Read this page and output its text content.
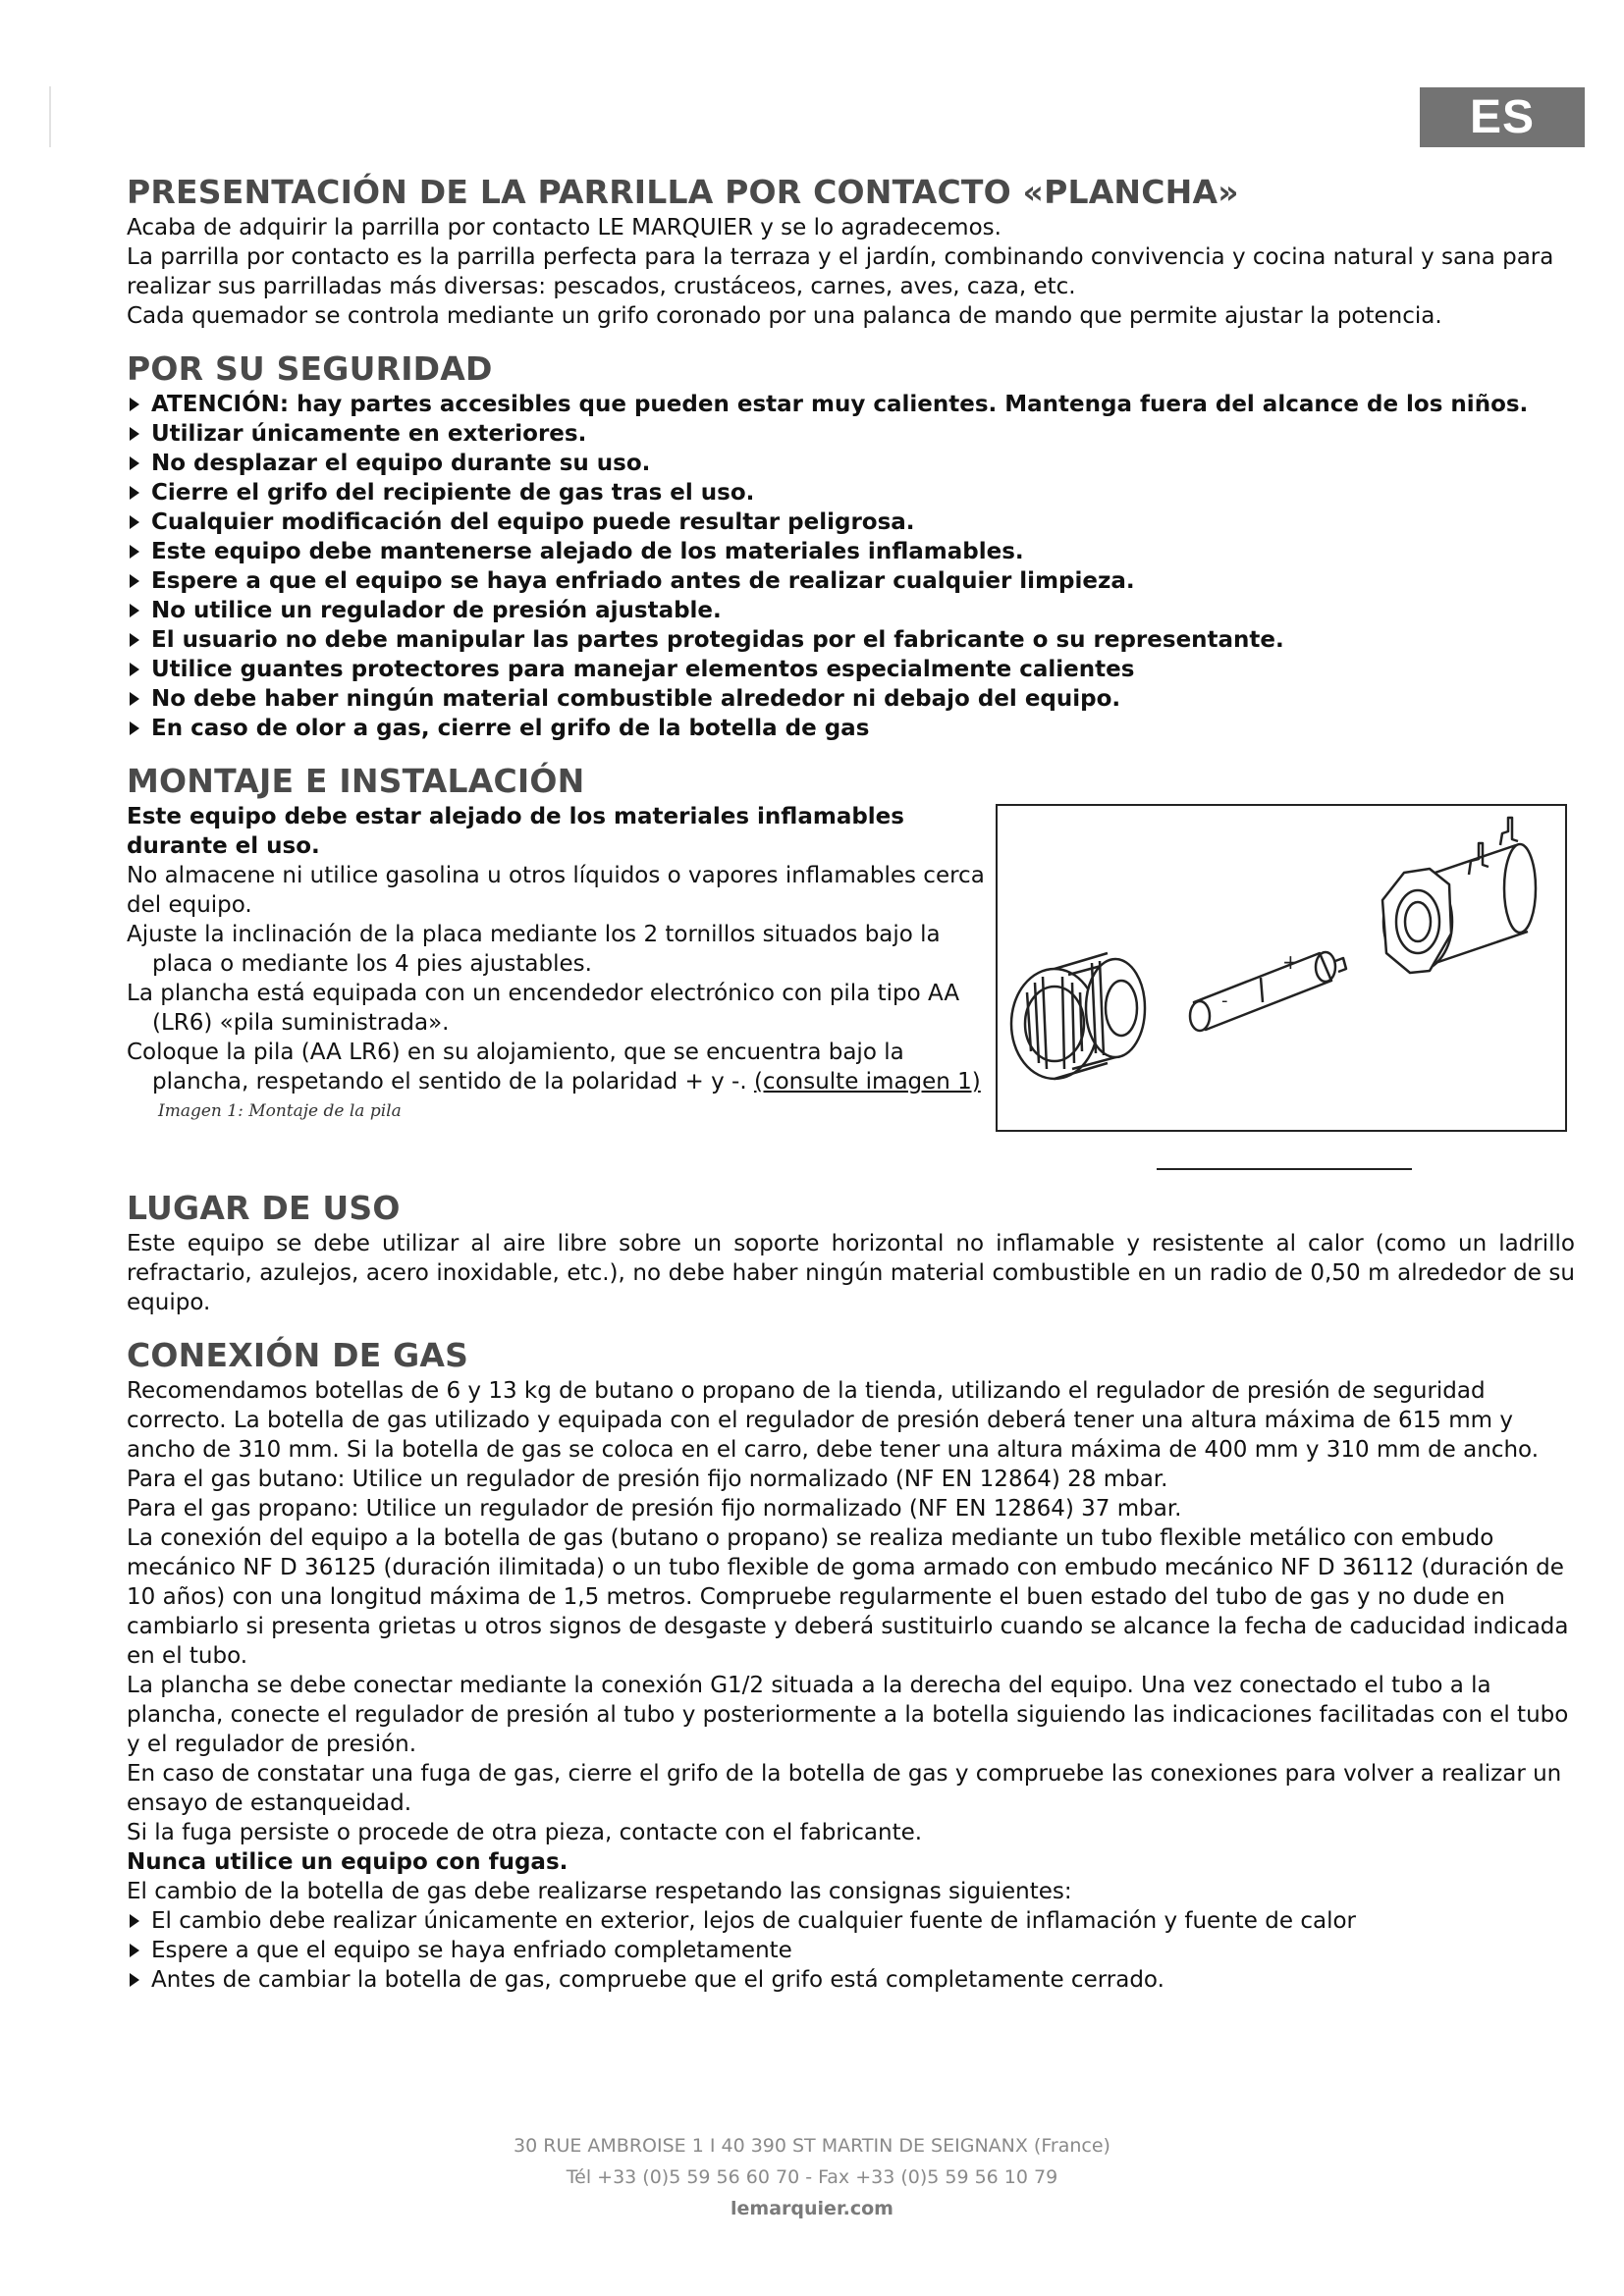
ES
PRESENTACIÓN DE LA PARRILLA POR CONTACTO «PLANCHA»

Acaba de adquirir la parrilla por contacto LE MARQUIER y se lo agradecemos.

La parrilla por contacto es la parrilla perfecta para la terraza y el jardín, combinando convivencia y cocina natural y sana para realizar sus parrilladas más diversas: pescados, crustáceos, carnes, aves, caza, etc.

Cada quemador se controla mediante un grifo coronado por una palanca de mando que permite ajustar la potencia.

POR SU SEGURIDAD
ATENCIÓN: hay partes accesibles que pueden estar muy calientes. Mantenga fuera del alcance de los niños.
Utilizar únicamente en exteriores.
No desplazar el equipo durante su uso.
Cierre el grifo del recipiente de gas tras el uso.
Cualquier modificación del equipo puede resultar peligrosa.
Este equipo debe mantenerse alejado de los materiales inflamables.
Espere a que el equipo se haya enfriado antes de realizar cualquier limpieza.
No utilice un regulador de presión ajustable.
El usuario no debe manipular las partes protegidas por el fabricante o su representante.
Utilice guantes protectores para manejar elementos especialmente calientes
No debe haber ningún material combustible alrededor ni debajo del equipo.
En caso de olor a gas, cierre el grifo de la botella de gas
MONTAJE E INSTALACIÓN

Este equipo debe estar alejado de los materiales inflamables durante el uso.

No almacene ni utilice gasolina u otros líquidos o vapores inflamables cerca del equipo.

Ajuste la inclinación de la placa mediante los 2 tornillos situados bajo la placa o mediante los 4 pies ajustables.

La plancha está equipada con un encendedor electrónico con pila tipo AA (LR6) «pila suministrada».

Coloque la pila (AA LR6) en su alojamiento, que se encuentra bajo la plancha, respetando el sentido de la polaridad + y -. (consulte imagen 1)

Imagen 1: Montaje de la pila
+
-
LUGAR DE USO

Este equipo se debe utilizar al aire libre sobre un soporte horizontal no inflamable y resistente al calor (como un ladrillo refractario, azulejos, acero inoxidable, etc.), no debe haber ningún material combustible en un radio de 0,50 m alrededor de su equipo.

CONEXIÓN DE GAS

Recomendamos botellas de 6 y 13 kg de butano o propano de la tienda, utilizando el regulador de presión de seguridad correcto. La botella de gas utilizado y equipada con el regulador de presión deberá tener una altura máxima de 615 mm y ancho de 310 mm. Si la botella de gas se coloca en el carro, debe tener una altura máxima de 400 mm y 310 mm de ancho.

Para el gas butano: Utilice un regulador de presión fijo normalizado (NF EN 12864) 28 mbar.

Para el gas propano: Utilice un regulador de presión fijo normalizado (NF EN 12864) 37 mbar.

La conexión del equipo a la botella de gas (butano o propano) se realiza mediante un tubo flexible metálico con embudo mecánico NF D 36125 (duración ilimitada) o un tubo flexible de goma armado con embudo mecánico NF D 36112 (duración de 10 años) con una longitud máxima de 1,5 metros. Compruebe regularmente el buen estado del tubo de gas y no dude en cambiarlo si presenta grietas u otros signos de desgaste y deberá sustituirlo cuando se alcance la fecha de caducidad indicada en el tubo.

La plancha se debe conectar mediante la conexión G1/2 situada a la derecha del equipo. Una vez conectado el tubo a la plancha, conecte el regulador de presión al tubo y posteriormente a la botella siguiendo las indicaciones facilitadas con el tubo y el regulador de presión.

En caso de constatar una fuga de gas, cierre el grifo de la botella de gas y compruebe las conexiones para volver a realizar un ensayo de estanqueidad.

Si la fuga persiste o procede de otra pieza, contacte con el fabricante.

Nunca utilice un equipo con fugas.

El cambio de la botella de gas debe realizarse respetando las consignas siguientes:

El cambio debe realizar únicamente en exterior, lejos de cualquier fuente de inflamación y fuente de calor
Espere a que el equipo se haya enfriado completamente
Antes de cambiar la botella de gas, compruebe que el grifo está completamente cerrado.
30 RUE AMBROISE 1 I 40 390 ST MARTIN DE SEIGNANX (France)
Tél +33 (0)5 59 56 60 70 - Fax +33 (0)5 59 56 10 79
lemarquier.com
